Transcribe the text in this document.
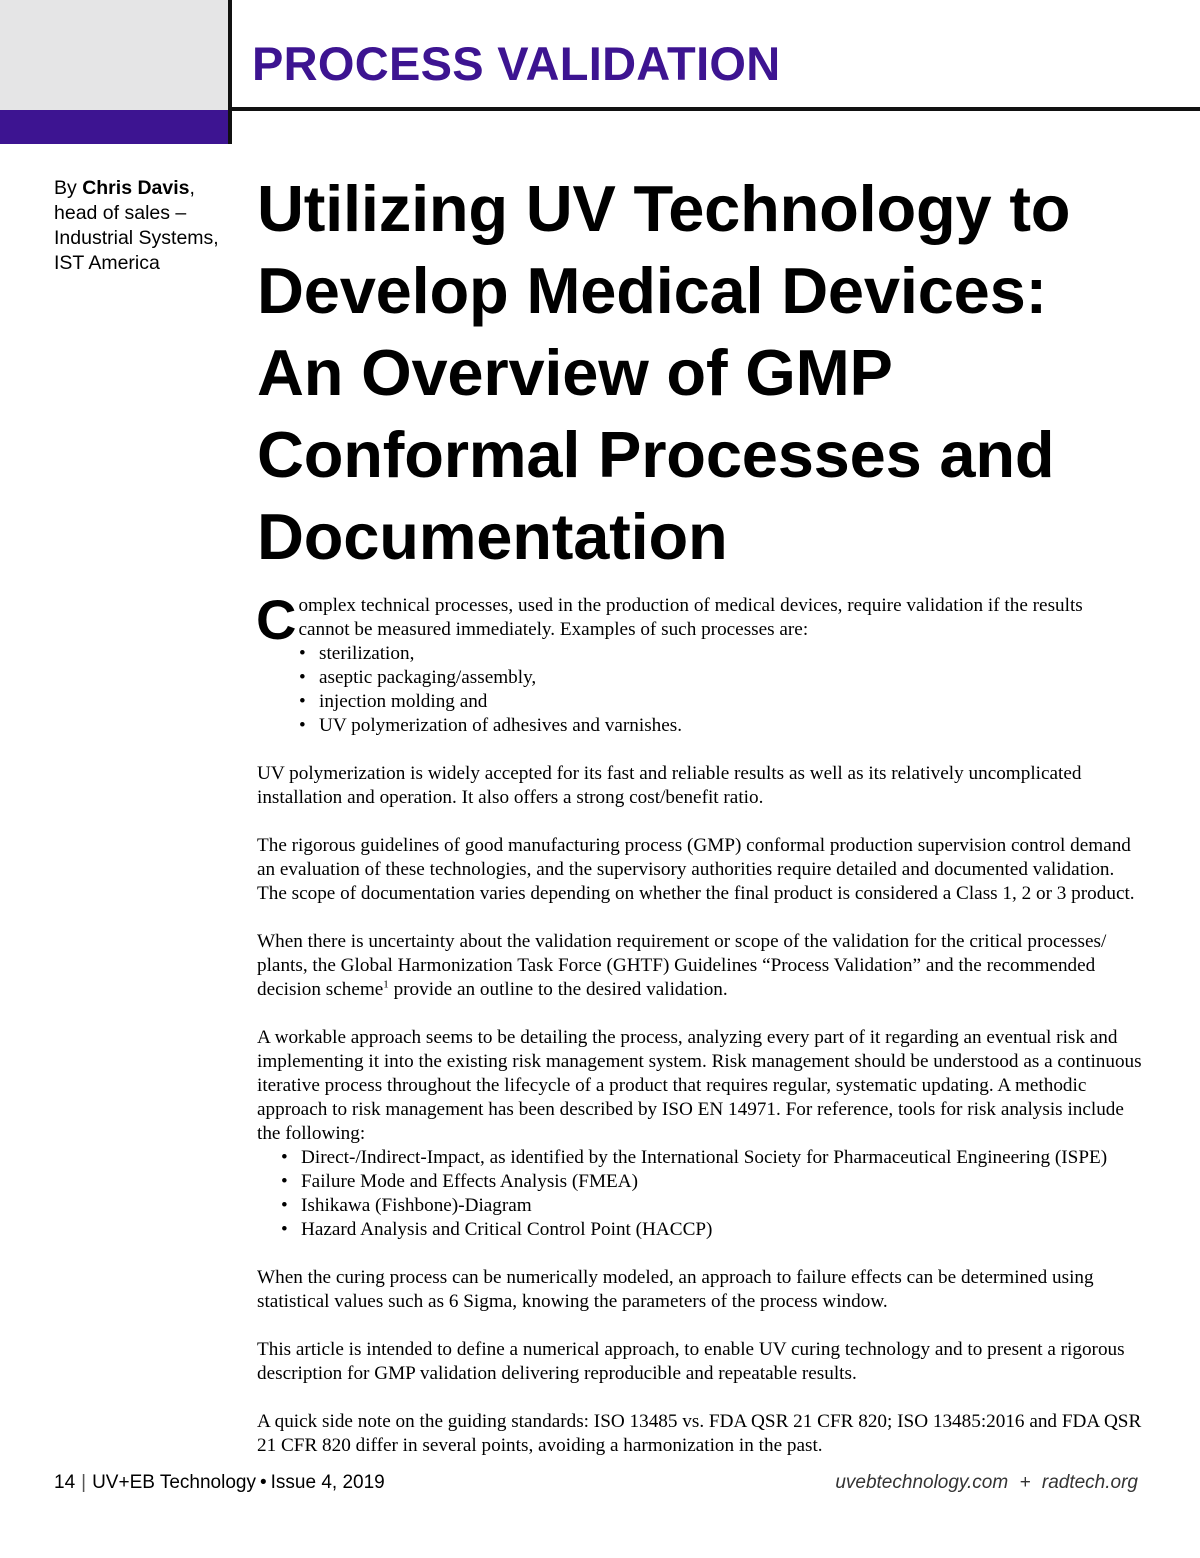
PROCESS VALIDATION
By Chris Davis,
head of sales –
Industrial Systems,
IST America
Utilizing UV Technology to
Develop Medical Devices:
An Overview of GMP
Conformal Processes and
Documentation

Complex technical processes, used in the production of medical devices, require validation if the results
cannot be measured immediately. Examples of such processes are:

• sterilization,
• aseptic packaging/assembly,
• injection molding and
• UV polymerization of adhesives and varnishes.

UV polymerization is widely accepted for its fast and reliable results as well as its relatively uncomplicated installation and operation. It also offers a strong cost/benefit ratio.

The rigorous guidelines of good manufacturing process (GMP) conformal production supervision control demand an evaluation of these technologies, and the supervisory authorities require detailed and documented validation. The scope of documentation varies depending on whether the final product is considered a Class 1, 2 or 3 product.

When there is uncertainty about the validation requirement or scope of the validation for the critical processes/ plants, the Global Harmonization Task Force (GHTF) Guidelines “Process Validation” and the recommended decision scheme$^1$ provide an outline to the desired validation.

A workable approach seems to be detailing the process, analyzing every part of it regarding an eventual risk and implementing it into the existing risk management system. Risk management should be understood as a continuous iterative process throughout the lifecycle of a product that requires regular, systematic updating. A methodic approach to risk management has been described by ISO EN 14971. For reference, tools for risk analysis include the following:

• Direct-/Indirect-Impact, as identified by the International Society for Pharmaceutical Engineering (ISPE)
• Failure Mode and Effects Analysis (FMEA)
• Ishikawa (Fishbone)-Diagram
• Hazard Analysis and Critical Control Point (HACCP)

When the curing process can be numerically modeled, an approach to failure effects can be determined using statistical values such as 6 Sigma, knowing the parameters of the process window.

This article is intended to define a numerical approach, to enable UV curing technology and to present a rigorous description for GMP validation delivering reproducible and repeatable results.

A quick side note on the guiding standards: ISO 13485 vs. FDA QSR 21 CFR 820; ISO 13485:2016 and FDA QSR 21 CFR 820 differ in several points, avoiding a harmonization in the past.

14 | UV+EB Technology • Issue 4, 2019	uvebtechnology.com + radtech.org
